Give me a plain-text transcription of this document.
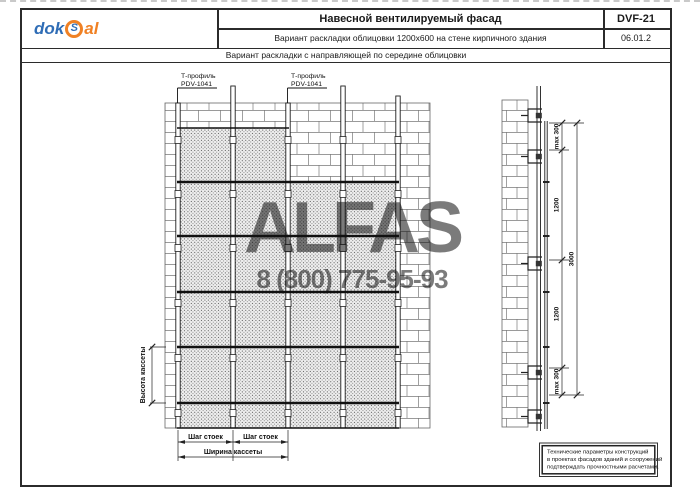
Т-профиль
PDV-1041
Т-профиль
PDV-1041
Шаг стоек	Шаг стоек
Ширина кассеты
Высота кассеты
max 300
1200
1200
max 300
3000
Технические параметры конструкций
в проектах фасадов зданий и сооружений
подтверждать прочностными расчетами.
ALFAS
8 (800) 775-95-93
dok S al	Навесной вентилируемый фасад	DVF-21
Вариант раскладки облицовки 1200х600 на стене кирпичного здания	06.01.2
Вариант раскладки с направляющей по середине облицовки
